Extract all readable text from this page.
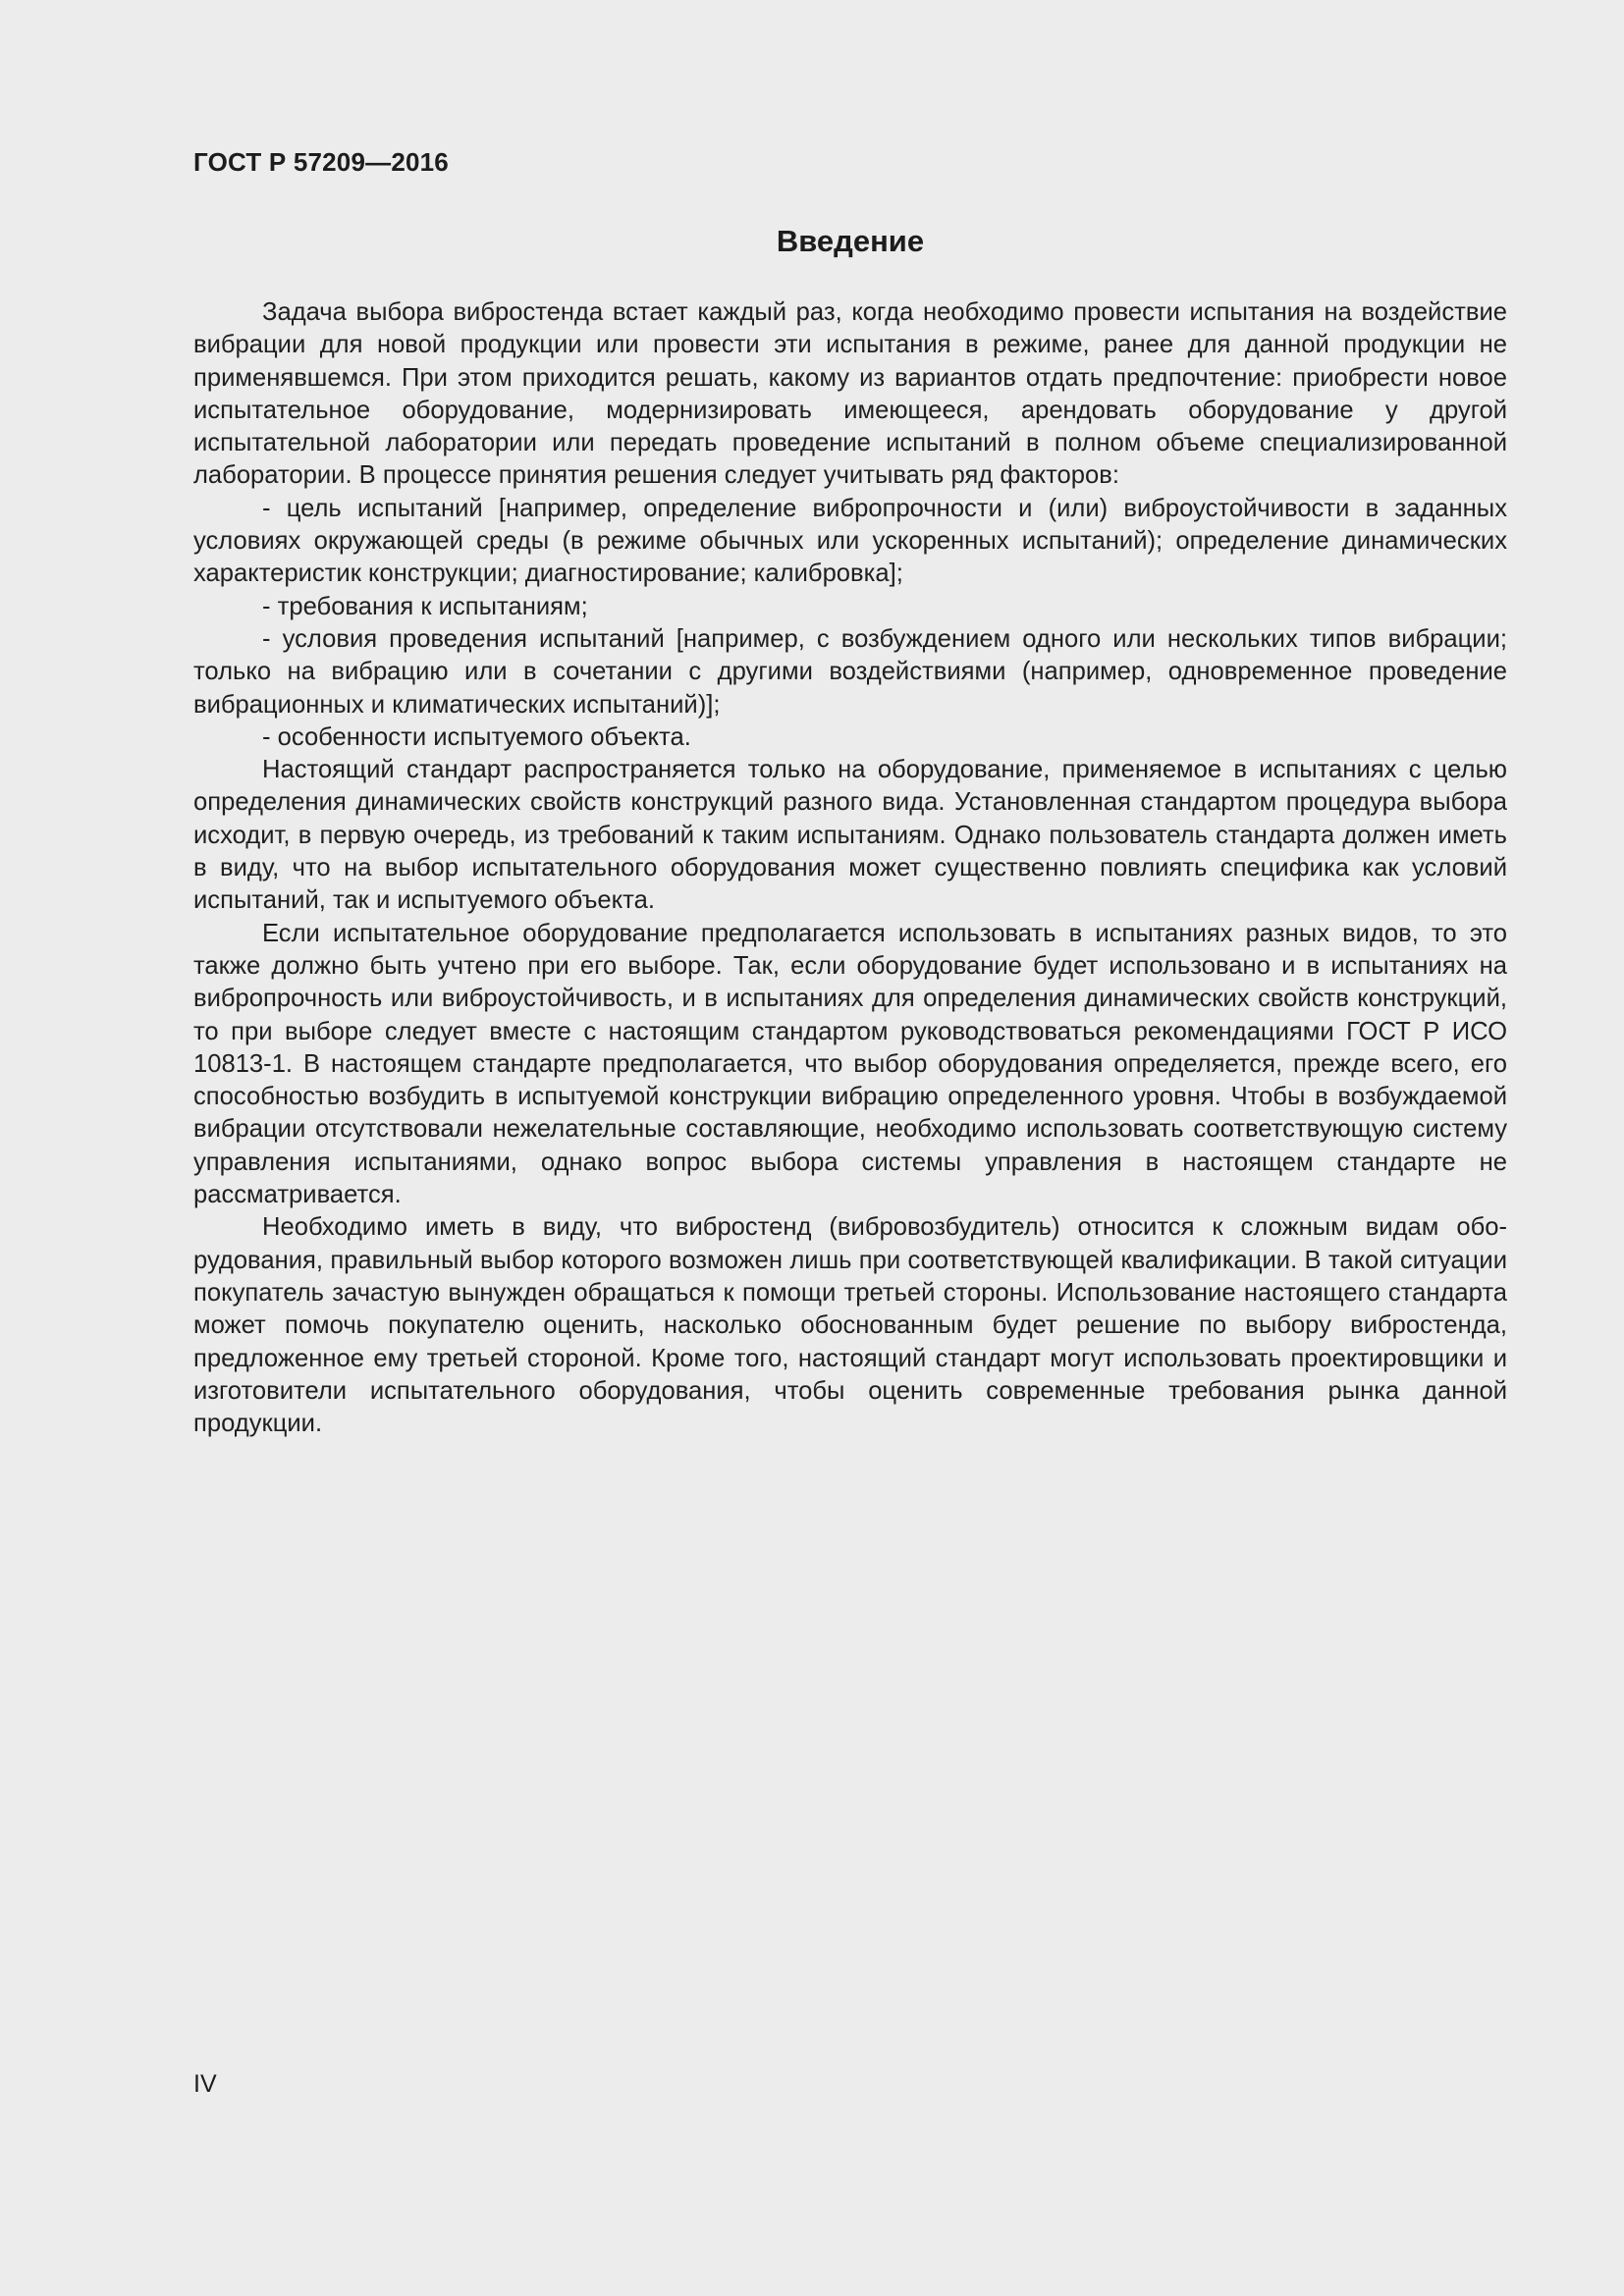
ГОСТ Р 57209—2016
Введение

Задача выбора вибростенда встает каждый раз, когда необходимо провести испытания на воздействие вибрации для новой продукции или провести эти испытания в режиме, ранее для данной продукции не применявшемся. При этом приходится решать, какому из вариантов отдать предпочтение: приобрести новое испытательное оборудование, модернизировать имеющееся, арендовать оборудование у другой испытательной лаборатории или передать проведение испытаний в полном объеме специализированной лаборатории. В процессе принятия решения следует учитывать ряд факторов:

- цель испытаний [например, определение вибропрочности и (или) виброустойчивости в заданных условиях окружающей среды (в режиме обычных или ускоренных испытаний); определение динамических характеристик конструкции; диагностирование; калибровка];

- требования к испытаниям;

- условия проведения испытаний [например, с возбуждением одного или нескольких типов вибрации; только на вибрацию или в сочетании с другими воздействиями (например, одновременное проведение вибрационных и климатических испытаний)];

- особенности испытуемого объекта.

Настоящий стандарт распространяется только на оборудование, применяемое в испытаниях с целью определения динамических свойств конструкций разного вида. Установленная стандартом процедура выбора исходит, в первую очередь, из требований к таким испытаниям. Однако пользователь стандарта должен иметь в виду, что на выбор испытательного оборудования может существенно повлиять специфика как условий испытаний, так и испытуемого объекта.

Если испытательное оборудование предполагается использовать в испытаниях разных видов, то это также должно быть учтено при его выборе. Так, если оборудование будет использовано и в испытаниях на вибропрочность или виброустойчивость, и в испытаниях для определения динамических свойств конструкций, то при выборе следует вместе с настоящим стандартом руководствоваться рекомендациями ГОСТ Р ИСО 10813-1. В настоящем стандарте предполагается, что выбор оборудования определяется, прежде всего, его способностью возбудить в испытуемой конструкции вибрацию определенного уровня. Чтобы в возбуждаемой вибрации отсутствовали нежелательные составляющие, необходимо использовать соответствующую систему управления испытаниями, однако вопрос выбора системы управления в настоящем стандарте не рассматривается.

Необходимо иметь в виду, что вибростенд (вибровозбудитель) относится к сложным видам оборудования, правильный выбор которого возможен лишь при соответствующей квалификации. В такой ситуации покупатель зачастую вынужден обращаться к помощи третьей стороны. Использование настоящего стандарта может помочь покупателю оценить, насколько обоснованным будет решение по выбору вибростенда, предложенное ему третьей стороной. Кроме того, настоящий стандарт могут использовать проектировщики и изготовители испытательного оборудования, чтобы оценить современные требования рынка данной продукции.

IV
